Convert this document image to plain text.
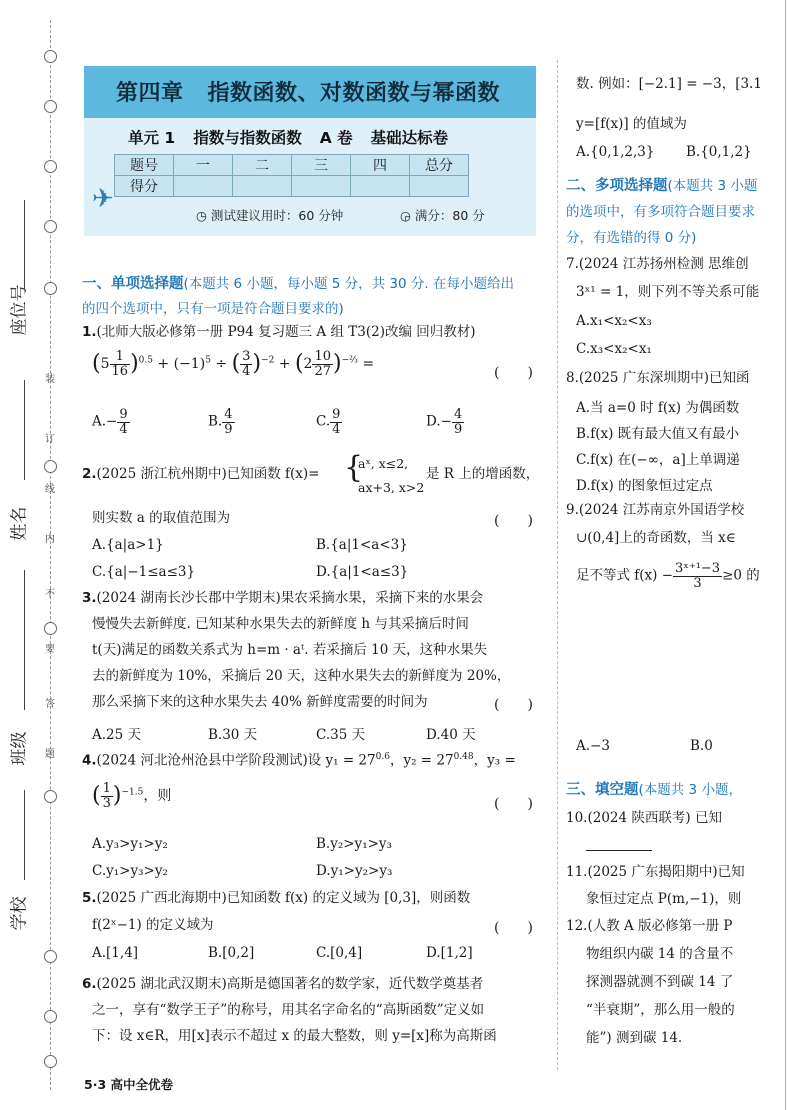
座位号
姓名
班级
学校
装
订
线
内
不
要
答
题
第四章 指数函数、对数函数与幂函数
单元 1 指数与指数函数 A 卷 基础达标卷
题号	一	二	三	四	总分
得分					
✈
◷ 测试建议用时：60 分钟	◶ 满分：80 分
一、单项选择题(本题共 6 小题，每小题 5 分，共 30 分. 在每小题给出
的四个选项中，只有一项是符合题目要求的)
1.(北师大版必修第一册 P94 复习题三 A 组 T3(2)改编 回归教材)
$(5 \frac{1}{16} )^{0.5} + (-1)^5$ ÷ ( $\frac{3}{4} )^{-2} + (2 \frac{10}{27} )^{-\frac{2}{3}}$ =
(　　)
$A.- \frac{9}{4}$	B. $\frac{4}{9}$	C. $\frac{9}{4}$	$D.- \frac{4}{9}$
2.(2025 浙江杭州期中)已知函数 f(x)= {
aˣ, x≤2,
ax+3, x>2
是 R 上的增函数，
则实数 a 的取值范围为	(　　)
A.{a|a>1}	B.{a|1<a<3}
C.{a|−1≤a≤3}	D.{a|1<a≤3}
3.(2024 湖南长沙长郡中学期末)果农采摘水果，采摘下来的水果会
慢慢失去新鲜度. 已知某种水果失去的新鲜度 h 与其采摘后时间
t(天)满足的函数关系式为 h=m · aᵗ. 若采摘后 10 天，这种水果失
去的新鲜度为 10%，采摘后 20 天，这种水果失去的新鲜度为 20%，
那么采摘下来的这种水果失去 40% 新鲜度需要的时间为	(　　)
A.25 天	B.30 天	C.35 天	D.40 天
4.(2024 河北沧州沧县中学阶段测试)设 $y_1 = 27^{0.6}$，$y_2 = 27^{0.48}$，y₃ =
( $\frac{1}{3} )^{-1.5}$，则	(　　)
A.y₃>y₁>y₂	B.y₂>y₁>y₃
C.y₁>y₃>y₂	D.y₁>y₂>y₃
5.(2025 广西北海期中)已知函数 f(x) 的定义域为 [0,3]，则函数
f(2ˣ−1) 的定义域为	(　　)
A.[1,4]	B.[0,2]	C.[0,4]	D.[1,2]
6.(2025 湖北武汉期末)高斯是德国著名的数学家，近代数学奠基者
之一，享有“数学王子”的称号，用其名字命名的“高斯函数”定义如
下：设 x∈R，用[x]表示不超过 x 的最大整数，则 y=[x]称为高斯函
5·3 高中全优卷
数. 例如：[−2.1] = −3，[3.1
y=[f(x)] 的值域为
A.{0,1,2,3} B.{0,1,2}
二、多项选择题(本题共 3 小题
的选项中，有多项符合题目要求
分，有选错的得 0 分)
7.(2024 江苏扬州检测 思维创
3ˣ¹ = 1，则下列不等关系可能
A.x₁<x₂<x₃
C.x₃<x₂<x₁
8.(2025 广东深圳期中)已知函
A.当 a=0 时 f(x) 为偶函数
B.f(x) 既有最大值又有最小
C.f(x) 在(−∞，a]上单调递
D.f(x) 的图象恒过定点
9.(2024 江苏南京外国语学校
∪(0,4]上的奇函数，当 x∈
足不等式 $f(x) - \frac{\text{3ˣ⁺¹−3}}{3} \ge 0$ 的
A.−3	B.0
三、填空题(本题共 3 小题，
10.(2024 陕西联考) 已知
11.(2025 广东揭阳期中)已知
象恒过定点 P(m,−1)，则
12.(人教 A 版必修第一册 P
物组织内碳 14 的含量不
探测器就测不到碳 14 了
“半衰期”，那么用一般的
能”) 测到碳 14.
